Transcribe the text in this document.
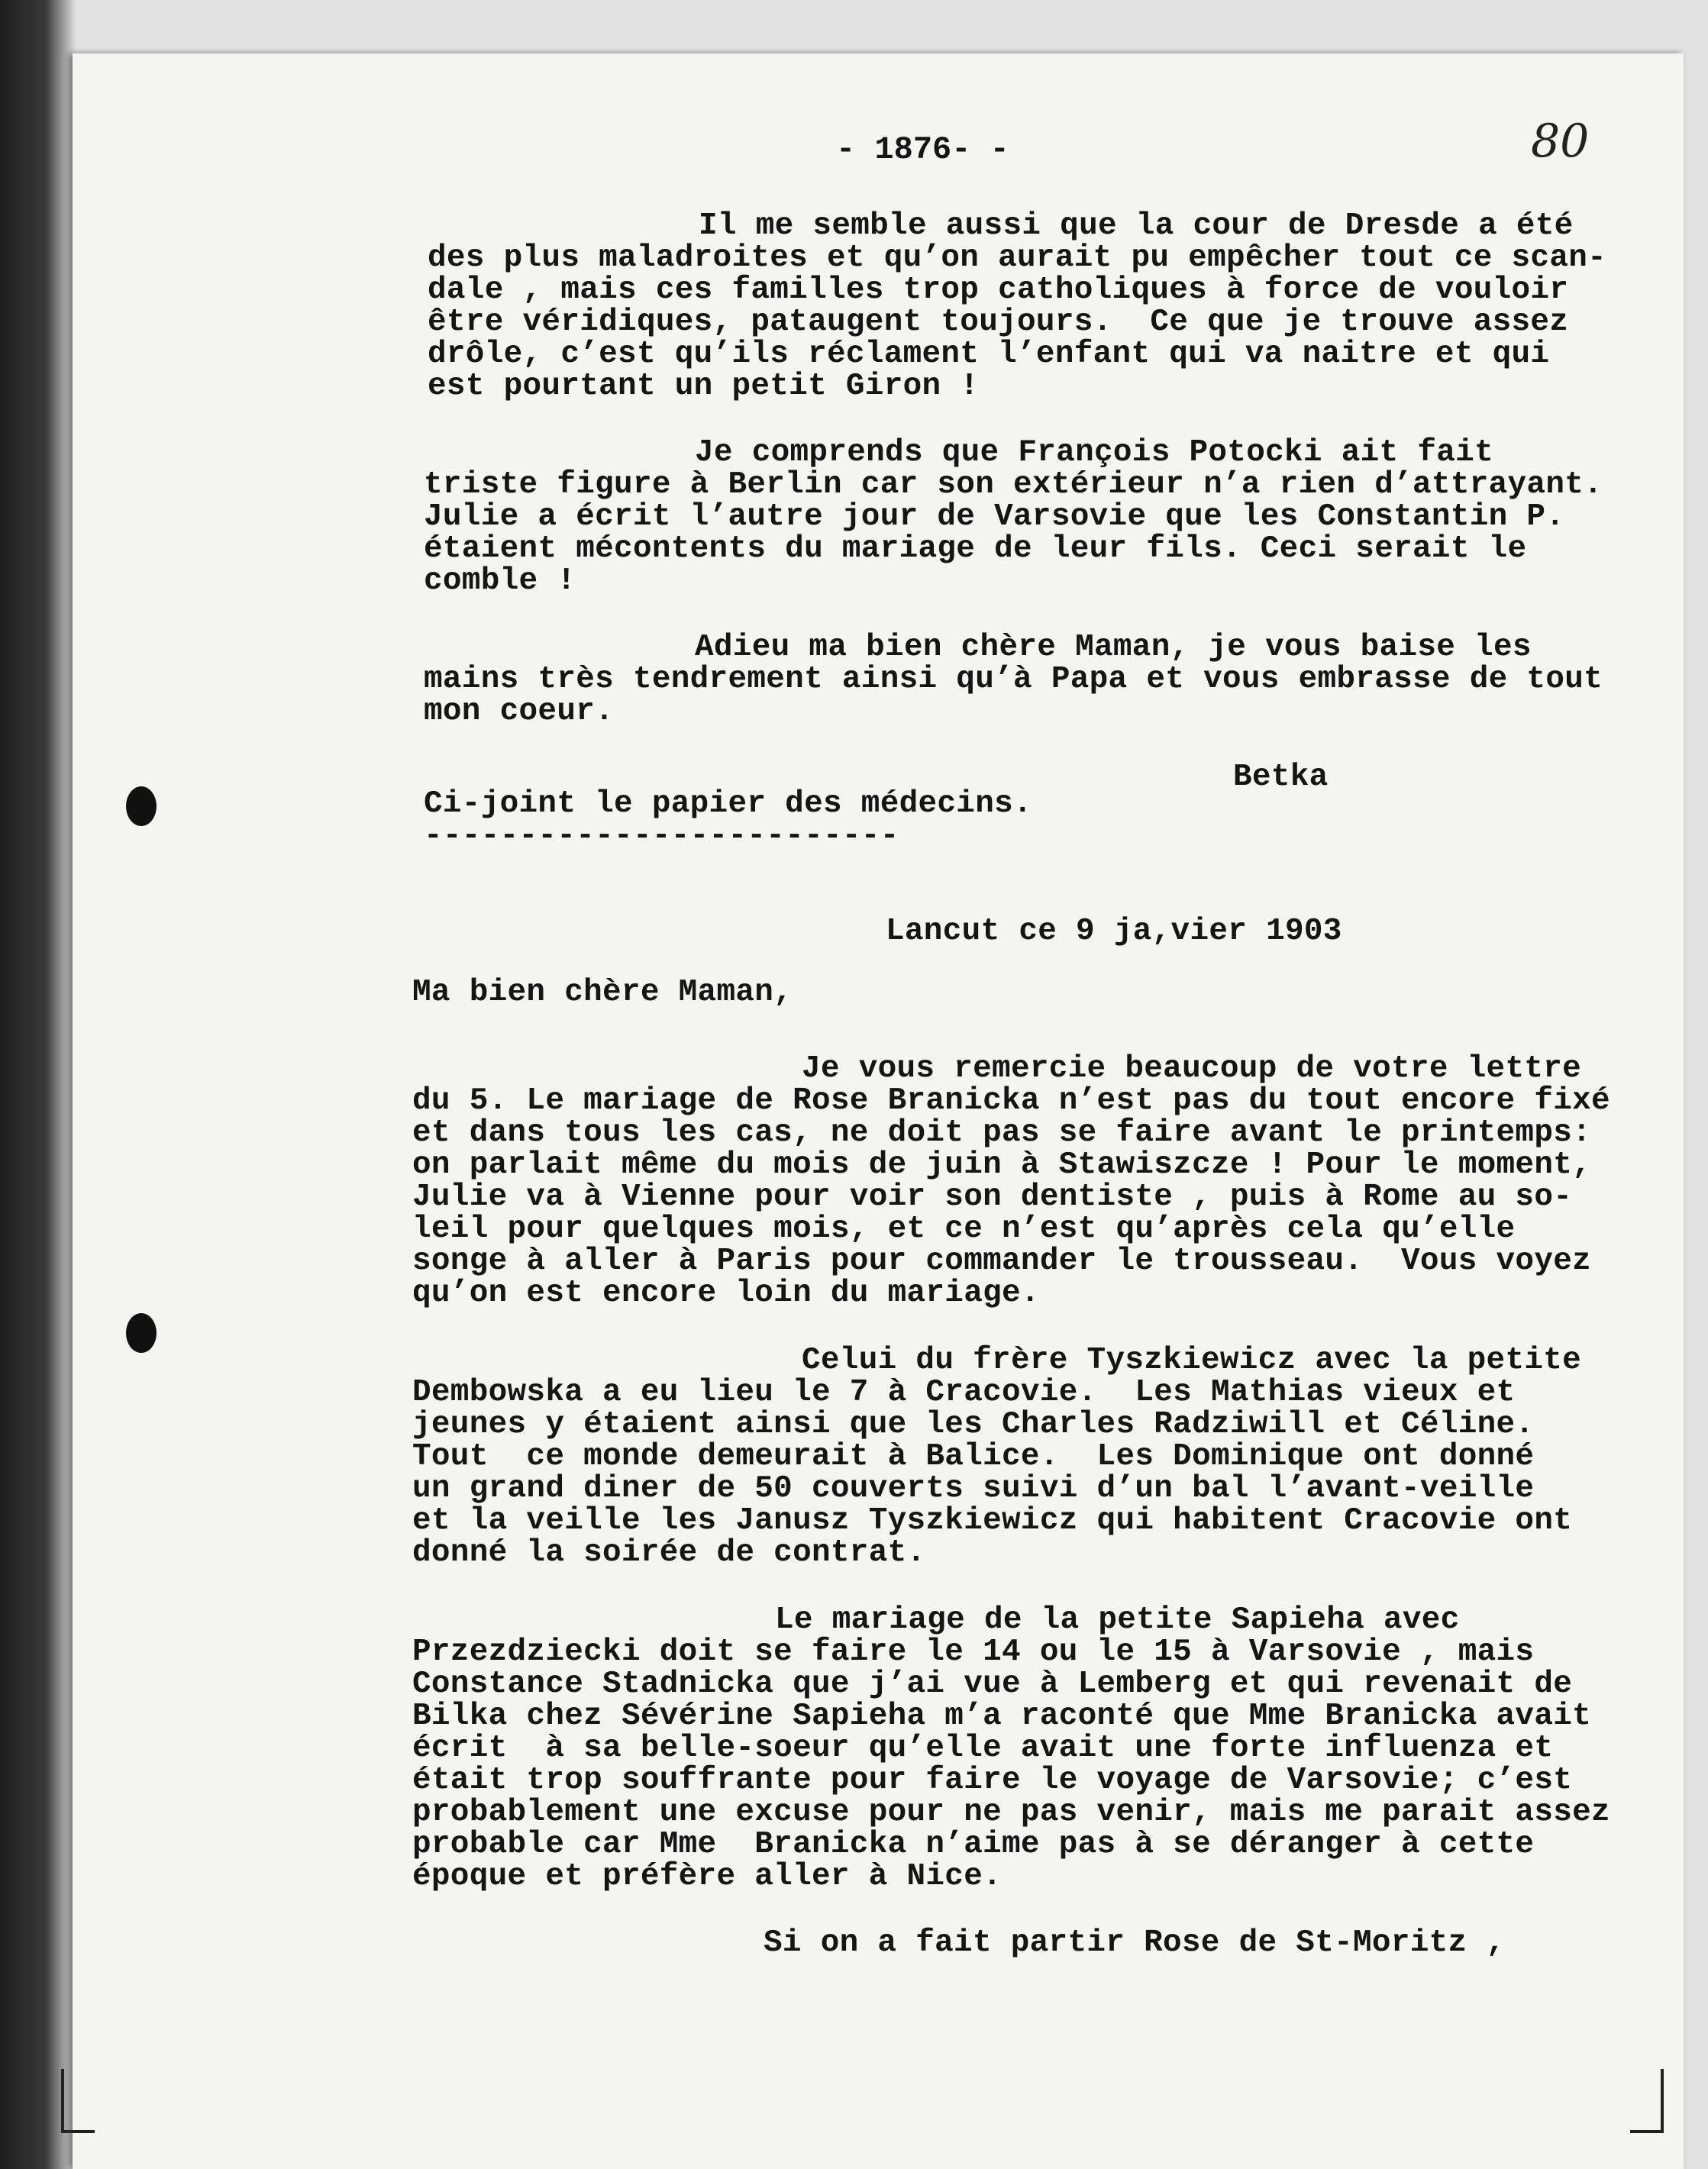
- 1876- -	80
Il me semble aussi que la cour de Dresde a été
des plus maladroites et qu’on aurait pu empêcher tout ce scan-
dale , mais ces familles trop catholiques à force de vouloir
être véridiques, pataugent toujours.  Ce que je trouve assez
drôle, c’est qu’ils réclament l’enfant qui va naitre et qui
est pourtant un petit Giron !
Je comprends que François Potocki ait fait
triste figure à Berlin car son extérieur n’a rien d’attrayant.
Julie a écrit l’autre jour de Varsovie que les Constantin P.
étaient mécontents du mariage de leur fils. Ceci serait le
comble !
Adieu ma bien chère Maman, je vous baise les
mains très tendrement ainsi qu’à Papa et vous embrasse de tout
mon coeur.
Betka
Ci-joint le papier des médecins.
-------------------------
Lancut ce 9 ja,vier 1903
Ma bien chère Maman,
Je vous remercie beaucoup de votre lettre
du 5. Le mariage de Rose Branicka n’est pas du tout encore fixé
et dans tous les cas, ne doit pas se faire avant le printemps:
on parlait même du mois de juin à Stawiszcze ! Pour le moment,
Julie va à Vienne pour voir son dentiste , puis à Rome au so-
leil pour quelques mois, et ce n’est qu’après cela qu’elle
songe à aller à Paris pour commander le trousseau.  Vous voyez
qu’on est encore loin du mariage.
Celui du frère Tyszkiewicz avec la petite
Dembowska a eu lieu le 7 à Cracovie.  Les Mathias vieux et
jeunes y étaient ainsi que les Charles Radziwill et Céline.
Tout  ce monde demeurait à Balice.  Les Dominique ont donné
un grand diner de 50 couverts suivi d’un bal l’avant-veille
et la veille les Janusz Tyszkiewicz qui habitent Cracovie ont
donné la soirée de contrat.
Le mariage de la petite Sapieha avec
Przezdziecki doit se faire le 14 ou le 15 à Varsovie , mais
Constance Stadnicka que j’ai vue à Lemberg et qui revenait de
Bilka chez Sévérine Sapieha m’a raconté que Mme Branicka avait
écrit  à sa belle-soeur qu’elle avait une forte influenza et
était trop souffrante pour faire le voyage de Varsovie; c’est
probablement une excuse pour ne pas venir, mais me parait assez
probable car Mme  Branicka n’aime pas à se déranger à cette
époque et préfère aller à Nice.
Si on a fait partir Rose de St-Moritz ,
